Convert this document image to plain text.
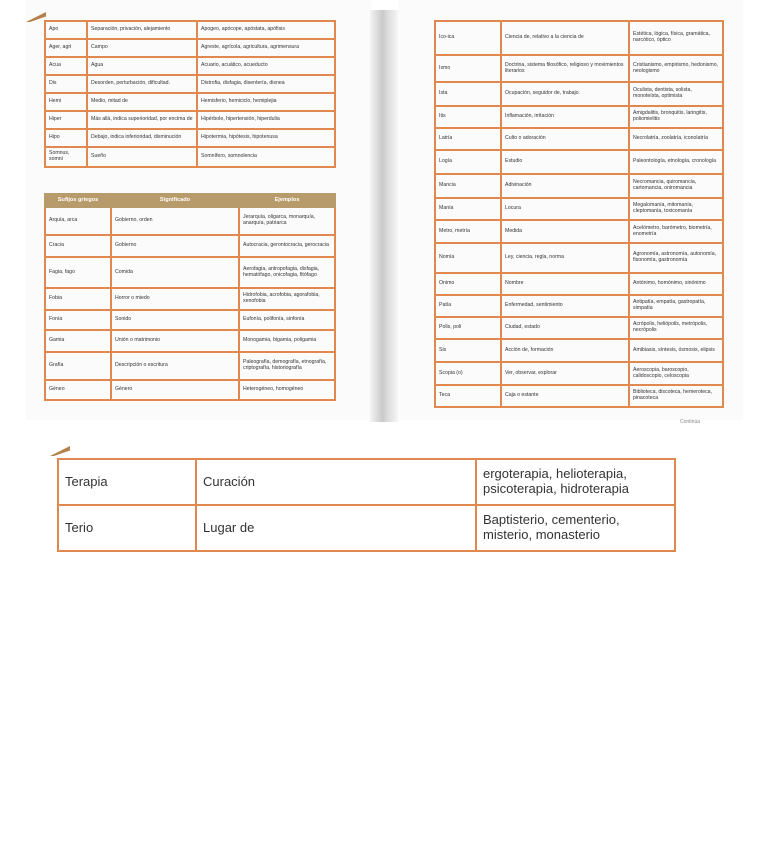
Apo	Separación, privación, alejamiento	Apogeo, apócope, apóstata, apófisis
Ager, agri	Campo	Agreste, agrícola, agricultura, agrimensura
Acua	Agua	Acuario, acuático, acueducto
Dis	Desorden, perturbación, dificultad.	Distrofia, disfagia, disentería, disnea
Hemi	Medio, mitad de	Hemisferio, hemiciclo, hemiplejia
Hiper	Más allá, indica superioridad, por encima de	Hipérbole, hipertensión, hiperdulia
Hipo	Debajo, indica inferioridad, disminución	Hipotermia, hipótesis, hipotenusa
Somnus, somni	Sueño	Somnífero, somnolencia
Sufijos griegos	Significado	Ejemplos
Arquía, arca	Gobierno, orden	Jerarquía, oligarca, monarquía, anarquía, patriarca
Cracia	Gobierno	Autocracia, gerontocracia, gerocracia
Fagia, fago	Comida	Aerofagia, antropofagia, disfagia, hematófago, onicofagia, fitófago
Fobia	Horror o miedo	Hidrofobia, acrofobia, agorafobia, xenofobia
Fonía	Sonido	Eufonía, polifonía, sinfonía
Gamia	Unión o matrimonio	Monogamia, bigamia, poligamia
Grafía	Descripción o escritura	Paleografía, demografía, etnografía, criptografía, historiografía
Géneo	Género	Heterogéneo, homogéneo
Ico-ica	Ciencia de, relativo a la ciencia de	Estética, lógica, física, gramática, narcótico, óptico
Ismo	Doctrina, sistema filosófico, religioso y movimientos literarios	Cristianismo, empirismo, hedonismo, neologismo
Ista	Ocupación, seguidor de, trabajo.	Oculista, dentista, solista, monoteísta, optimista
Itis	Inflamación, irritación	Amigdalitis, bronquitis, laringitis, poliomielitis
Latría	Culto o adoración	Necrolatría, zoolatría, iconolatría
Logía	Estudio	Paleontología, etnología, cronología
Mancia	Adivinación	Necromancia, quiromancia, cartomancia, oniromancia
Manía	Locura	Megalomanía, mitomanía, cleptomanía, toxicomanía
Metro, metría	Medida	Acelómetro, barómetro, biometría, enometría
Nomía	Ley, ciencia, regla, norma	Agronomía, astronomía, autonomía, fisonomía, gastronomía
Onimo	Nombre	Antónimo, homónimo, sinónimo
Patía	Enfermedad, sentimiento	Antipatía, empatía, gastropatía, simpatía
Polis, poli	Ciudad, estado	Acrópolis, heliópolis, metrópolis, necrópolis
Sis	Acción de, formación	Amibiasis, síntesis, ósmosis, elipsis
Scopia (o)	Ver, observar, explorar	Aeroscopia, baroscopio, calidoscopio, celoscopia
Teca	Caja o estante	Biblioteca, discoteca, hemeroteca, pinacoteca
Continúa
Terapia	Curación	ergoterapia, helioterapia, psicoterapia, hidroterapia
Terio	Lugar de	Baptisterio, cementerio, misterio, monasterio
